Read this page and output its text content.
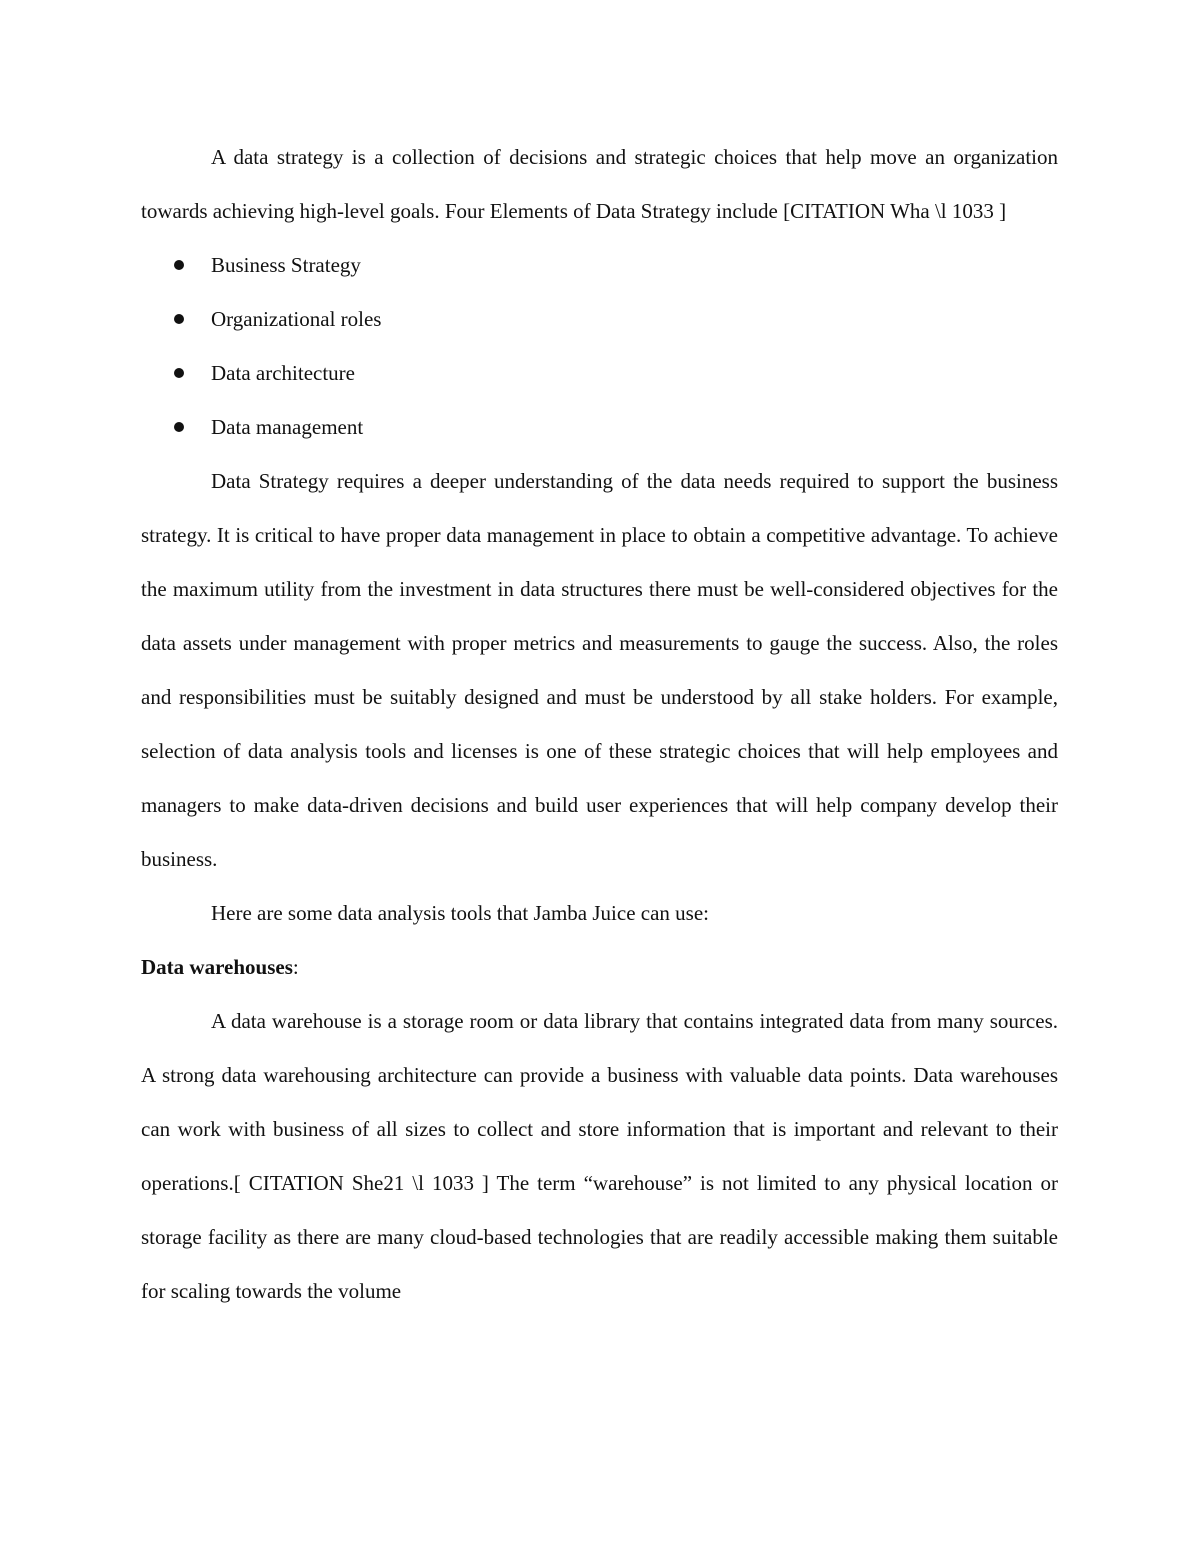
A data strategy is a collection of decisions and strategic choices that help move an organization towards achieving high-level goals. Four Elements of Data Strategy include [CITATION Wha \l 1033 ]

Business Strategy
Organizational roles
Data architecture
Data management

Data Strategy requires a deeper understanding of the data needs required to support the business strategy. It is critical to have proper data management in place to obtain a competitive advantage. To achieve the maximum utility from the investment in data structures there must be well-considered objectives for the data assets under management with proper metrics and measurements to gauge the success. Also, the roles and responsibilities must be suitably designed and must be understood by all stake holders. For example, selection of data analysis tools and licenses is one of these strategic choices that will help employees and managers to make data-driven decisions and build user experiences that will help company develop their business.

Here are some data analysis tools that Jamba Juice can use:

Data warehouses:

A data warehouse is a storage room or data library that contains integrated data from many sources. A strong data warehousing architecture can provide a business with valuable data points. Data warehouses can work with business of all sizes to collect and store information that is important and relevant to their operations.[ CITATION She21 \l 1033 ] The term “warehouse” is not limited to any physical location or storage facility as there are many cloud-based technologies that are readily accessible making them suitable for scaling towards the volume
